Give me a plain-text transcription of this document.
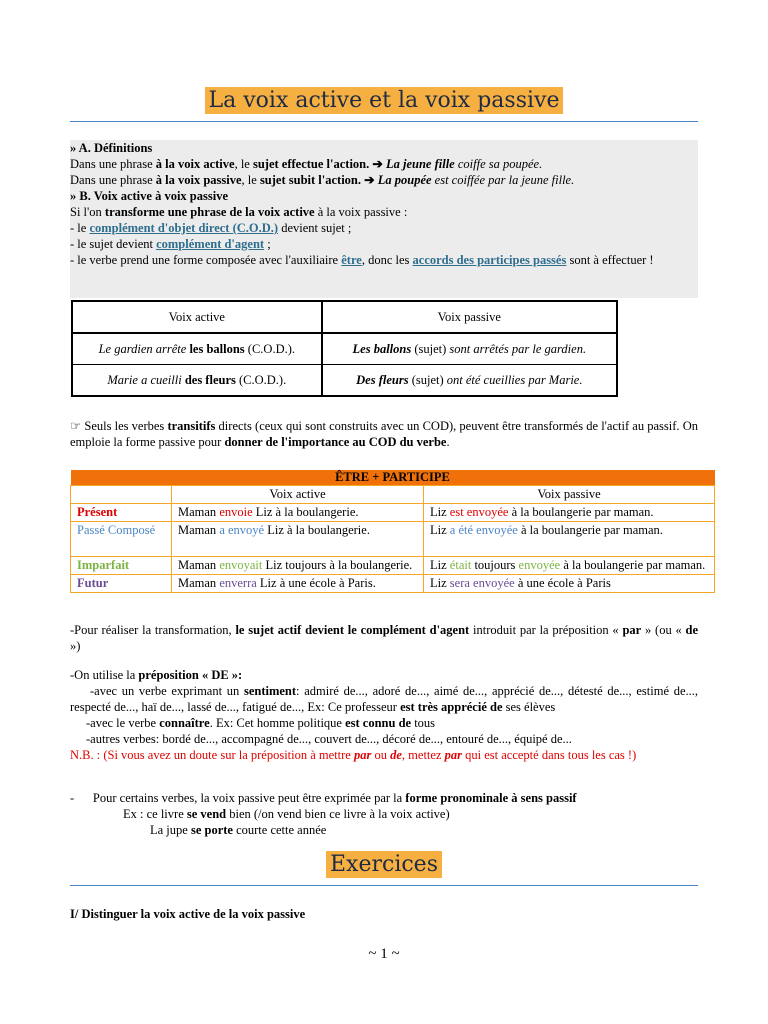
La voix active et la voix passive
» A. Définitions
Dans une phrase à la voix active, le sujet effectue l'action. ➔ La jeune fille coiffe sa poupée.
Dans une phrase à la voix passive, le sujet subit l'action. ➔ La poupée est coiffée par la jeune fille.
» B. Voix active à voix passive
Si l'on transforme une phrase de la voix active à la voix passive :
- le complément d'objet direct (C.O.D.) devient sujet ;
- le sujet devient complément d'agent ;
- le verbe prend une forme composée avec l'auxiliaire être, donc les accords des participes passés sont à effectuer !
Voix active	Voix passive
Le gardien arrête les ballons (C.O.D.).	Les ballons (sujet) sont arrêtés par le gardien.
Marie a cueilli des fleurs (C.O.D.).	Des fleurs (sujet) ont été cueillies par Marie.
☞ Seuls les verbes transitifs directs (ceux qui sont construits avec un COD), peuvent être transformés de l'actif au passif. On emploie la forme passive pour donner de l'importance au COD du verbe.
ÊTRE + PARTICIPE		
	Voix active	Voix passive
Présent	Maman envoie Liz à la boulangerie.	Liz est envoyée à la boulangerie par maman.
Passé Composé	Maman a envoyé Liz à la boulangerie.	Liz a été envoyée à la boulangerie par maman.
Imparfait	Maman envoyait Liz toujours à la boulangerie.	Liz était toujours envoyée à la boulangerie par maman.
Futur	Maman enverra Liz à une école à Paris.	Liz sera envoyée à une école à Paris
-Pour réaliser la transformation, le sujet actif devient le complément d'agent introduit par la préposition « par » (ou « de »)
-On utilise la préposition « DE »:
-avec un verbe exprimant un sentiment: admiré de..., adoré de..., aimé de..., apprécié de..., détesté de..., estimé de..., respecté de..., haï de..., lassé de..., fatigué de..., Ex: Ce professeur est très apprécié de ses élèves
-avec le verbe connaître. Ex: Cet homme politique est connu de tous
-autres verbes: bordé de..., accompagné de..., couvert de..., décoré de..., entouré de..., équipé de...
N.B. : (Si vous avez un doute sur la préposition à mettre par ou de, mettez par qui est accepté dans tous les cas !)
-      Pour certains verbes, la voix passive peut être exprimée par la forme pronominale à sens passif
Ex : ce livre se vend bien (/on vend bien ce livre à la voix active)
La jupe se porte courte cette année
Exercices
I/ Distinguer la voix active de la voix passive
~ 1 ~
